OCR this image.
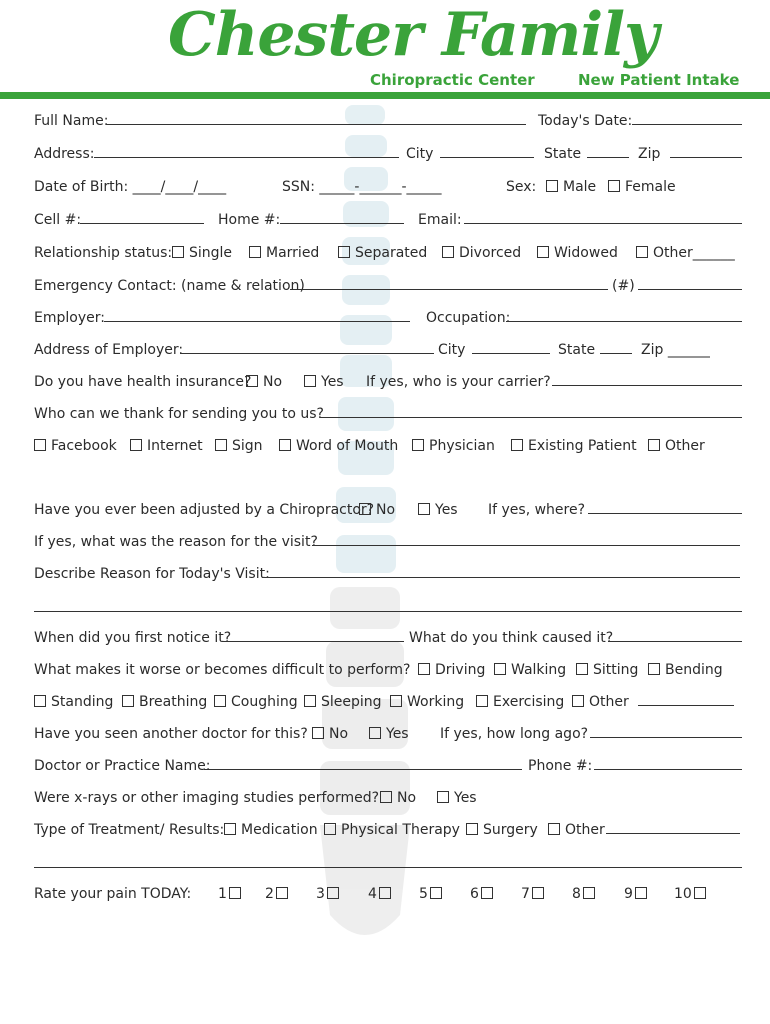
Chester Family
Chiropractic Center	New Patient Intake
Full Name:	Today's Date:
Address:	City	State	Zip
Date of Birth: ____/____/____	SSN: _____-______-_____	Sex:	Male	Female
Cell #:	Home #:	Email:
Relationship status:	Single	Married	Separated	Divorced	Widowed	Other______
Emergency Contact: (name & relation)	(#)
Employer:	Occupation:
Address of Employer:	City	State	Zip ______
Do you have health insurance? No	Yes If yes, who is your carrier?
Who can we thank for sending you to us?
Facebook	Internet	Sign	Word of Mouth	Physician	Existing Patient	Other
Have you ever been adjusted by a Chiropractor? No	Yes If yes, where?
If yes, what was the reason for the visit?
Describe Reason for Today's Visit:
When did you first notice it?	What do you think caused it?
What makes it worse or becomes difficult to perform?	Driving	Walking	Sitting	Bending
Standing	Breathing	Coughing	Sleeping	Working	Exercising	Other
Have you seen another doctor for this?	No	Yes If yes, how long ago?
Doctor or Practice Name:	Phone #:
Were x-rays or other imaging studies performed?	No	Yes
Type of Treatment/ Results:	Medication	Physical Therapy	Surgery	Other
Rate your pain TODAY: 1	2	3	4	5	6	7	8	9	10
